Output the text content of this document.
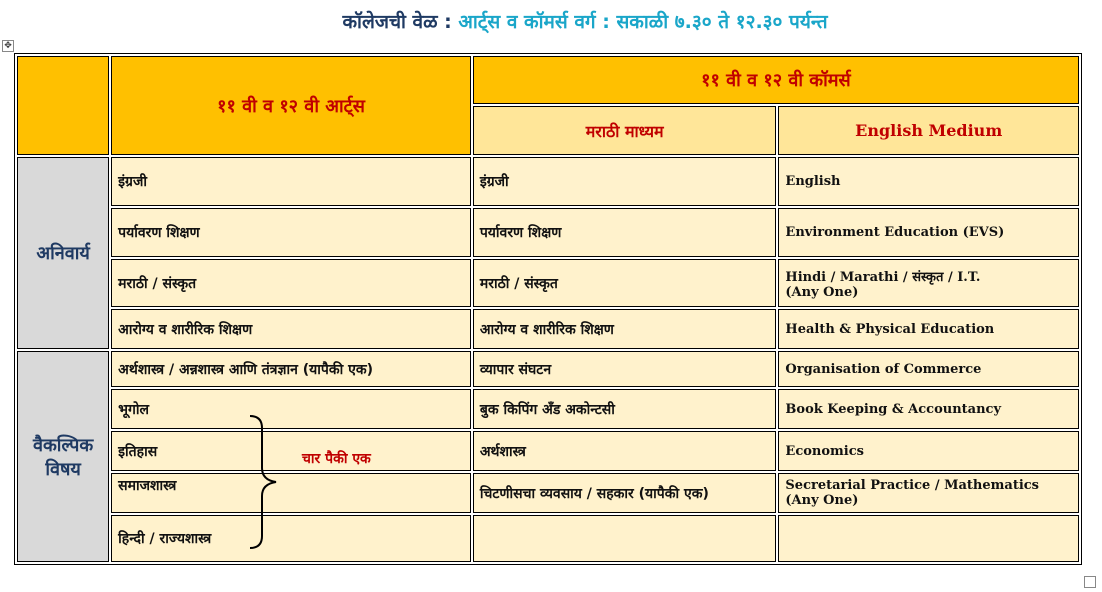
कॉलेजची वेळ : आर्ट्स व कॉमर्स वर्ग : सकाळी ७.३० ते १२.३० पर्यन्त
✥
	११ वी व १२ वी आर्ट्स	११ वी व १२ वी कॉमर्स	
		मराठी माध्यम	English Medium
अनिवार्य	इंग्रजी	इंग्रजी	English
	पर्यावरण शिक्षण	पर्यावरण शिक्षण	Environment Education (EVS)
	मराठी / संस्कृत	मराठी / संस्कृत	Hindi / Marathi / संस्कृत / I.T.
(Any One)

	आरोग्य व शारीरिक शिक्षण	आरोग्य व शारीरिक शिक्षण	Health & Physical Education
वैकल्पिक विषय	अर्थशास्त्र / अन्नशास्त्र आणि तंत्रज्ञान (यापैकी एक)	व्यापार संघटन	Organisation of Commerce
	भूगोल	बुक किपिंग अँड अकोन्टसी	Book Keeping & Accountancy
	इतिहास	अर्थशास्त्र	Economics
	समाजशास्त्र	चिटणीसचा व्यवसाय / सहकार (यापैकी एक)	Secretarial Practice / Mathematics
(Any One)

	हिन्दी / राज्यशास्त्र		
चार पैकी एक
